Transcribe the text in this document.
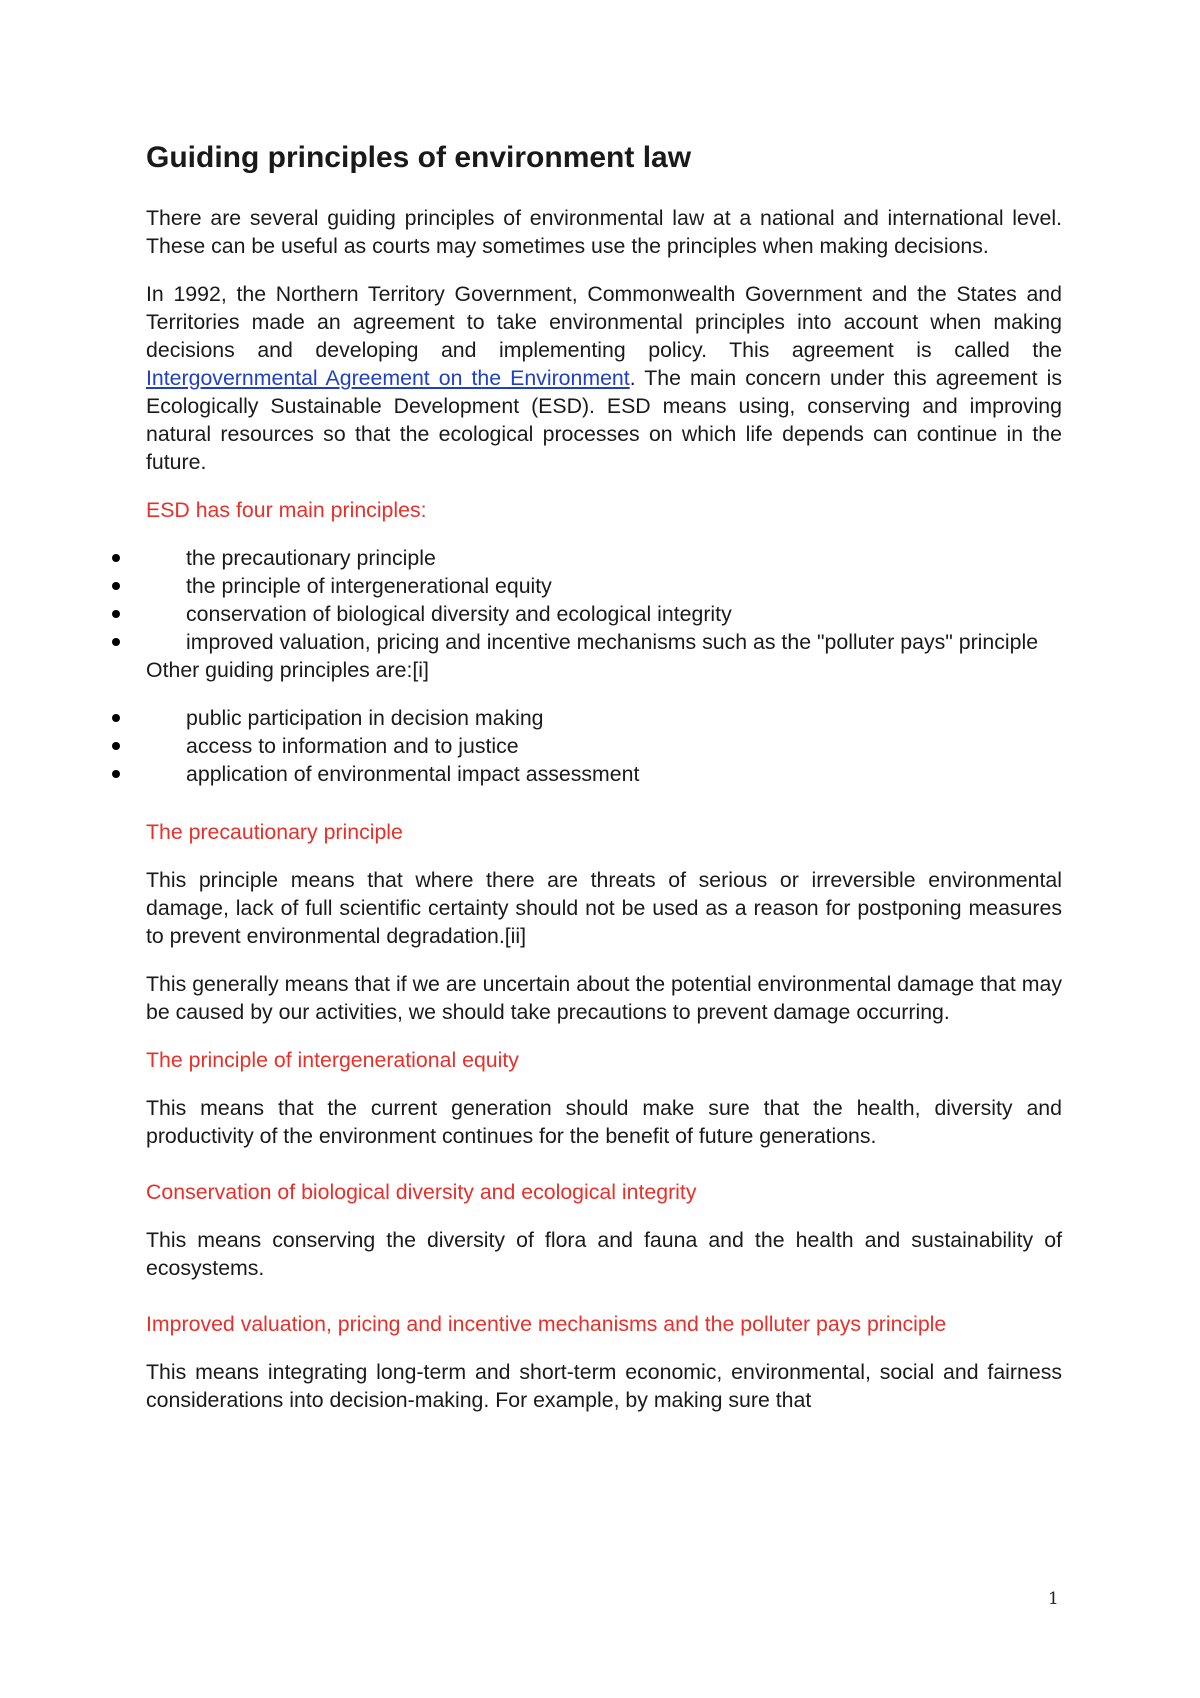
Guiding principles of environment law

There are several guiding principles of environmental law at a national and international level. These can be useful as courts may sometimes use the principles when making decisions.

In 1992, the Northern Territory Government, Commonwealth Government and the States and Territories made an agreement to take environmental principles into account when making decisions and developing and implementing policy. This agreement is called the Intergovernmental Agreement on the Environment. The main concern under this agreement is Ecologically Sustainable Development (ESD). ESD means using, conserving and improving natural resources so that the ecological processes on which life depends can continue in the future.

ESD has four main principles:

the precautionary principle
the principle of intergenerational equity
conservation of biological diversity and ecological integrity
improved valuation, pricing and incentive mechanisms such as the "polluter pays" principle
Other guiding principles are:[i]
public participation in decision making
access to information and to justice
application of environmental impact assessment

The precautionary principle

This principle means that where there are threats of serious or irreversible environmental damage, lack of full scientific certainty should not be used as a reason for postponing measures to prevent environmental degradation.[ii]

This generally means that if we are uncertain about the potential environmental damage that may be caused by our activities, we should take precautions to prevent damage occurring.

The principle of intergenerational equity

This means that the current generation should make sure that the health, diversity and productivity of the environment continues for the benefit of future generations.

Conservation of biological diversity and ecological integrity

This means conserving the diversity of flora and fauna and the health and sustainability of ecosystems.

Improved valuation, pricing and incentive mechanisms and the polluter pays principle

This means integrating long-term and short-term economic, environmental, social and fairness considerations into decision-making. For example, by making sure that

1
